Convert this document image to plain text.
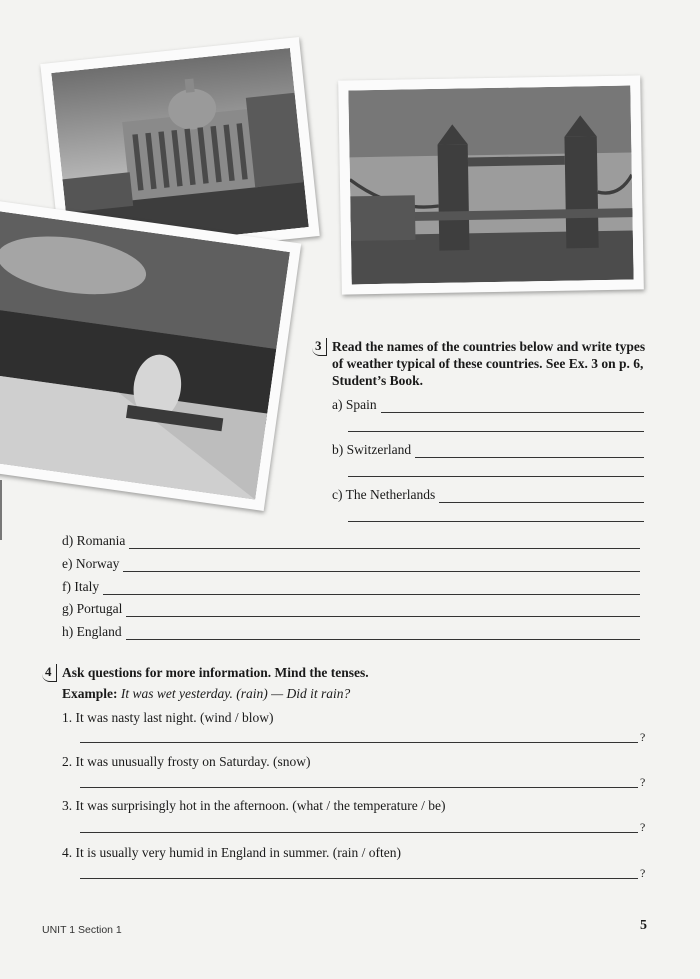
3 Read the names of the countries below and write types
of weather typical of these countries. See Ex. 3 on p. 6,
Student’s Book.
a) Spain
b) Switzerland
c) The Netherlands
d) Romania
e) Norway
f) Italy
g) Portugal
h) England
4 Ask questions for more information. Mind the tenses.
Example: It was wet yesterday. (rain) — Did it rain?
1. It was nasty last night. (wind / blow)
?
2. It was unusually frosty on Saturday. (snow)
?
3. It was surprisingly hot in the afternoon. (what / the temperature / be)
?
4. It is usually very humid in England in summer. (rain / often)
?
UNIT 1 Section 1	5
